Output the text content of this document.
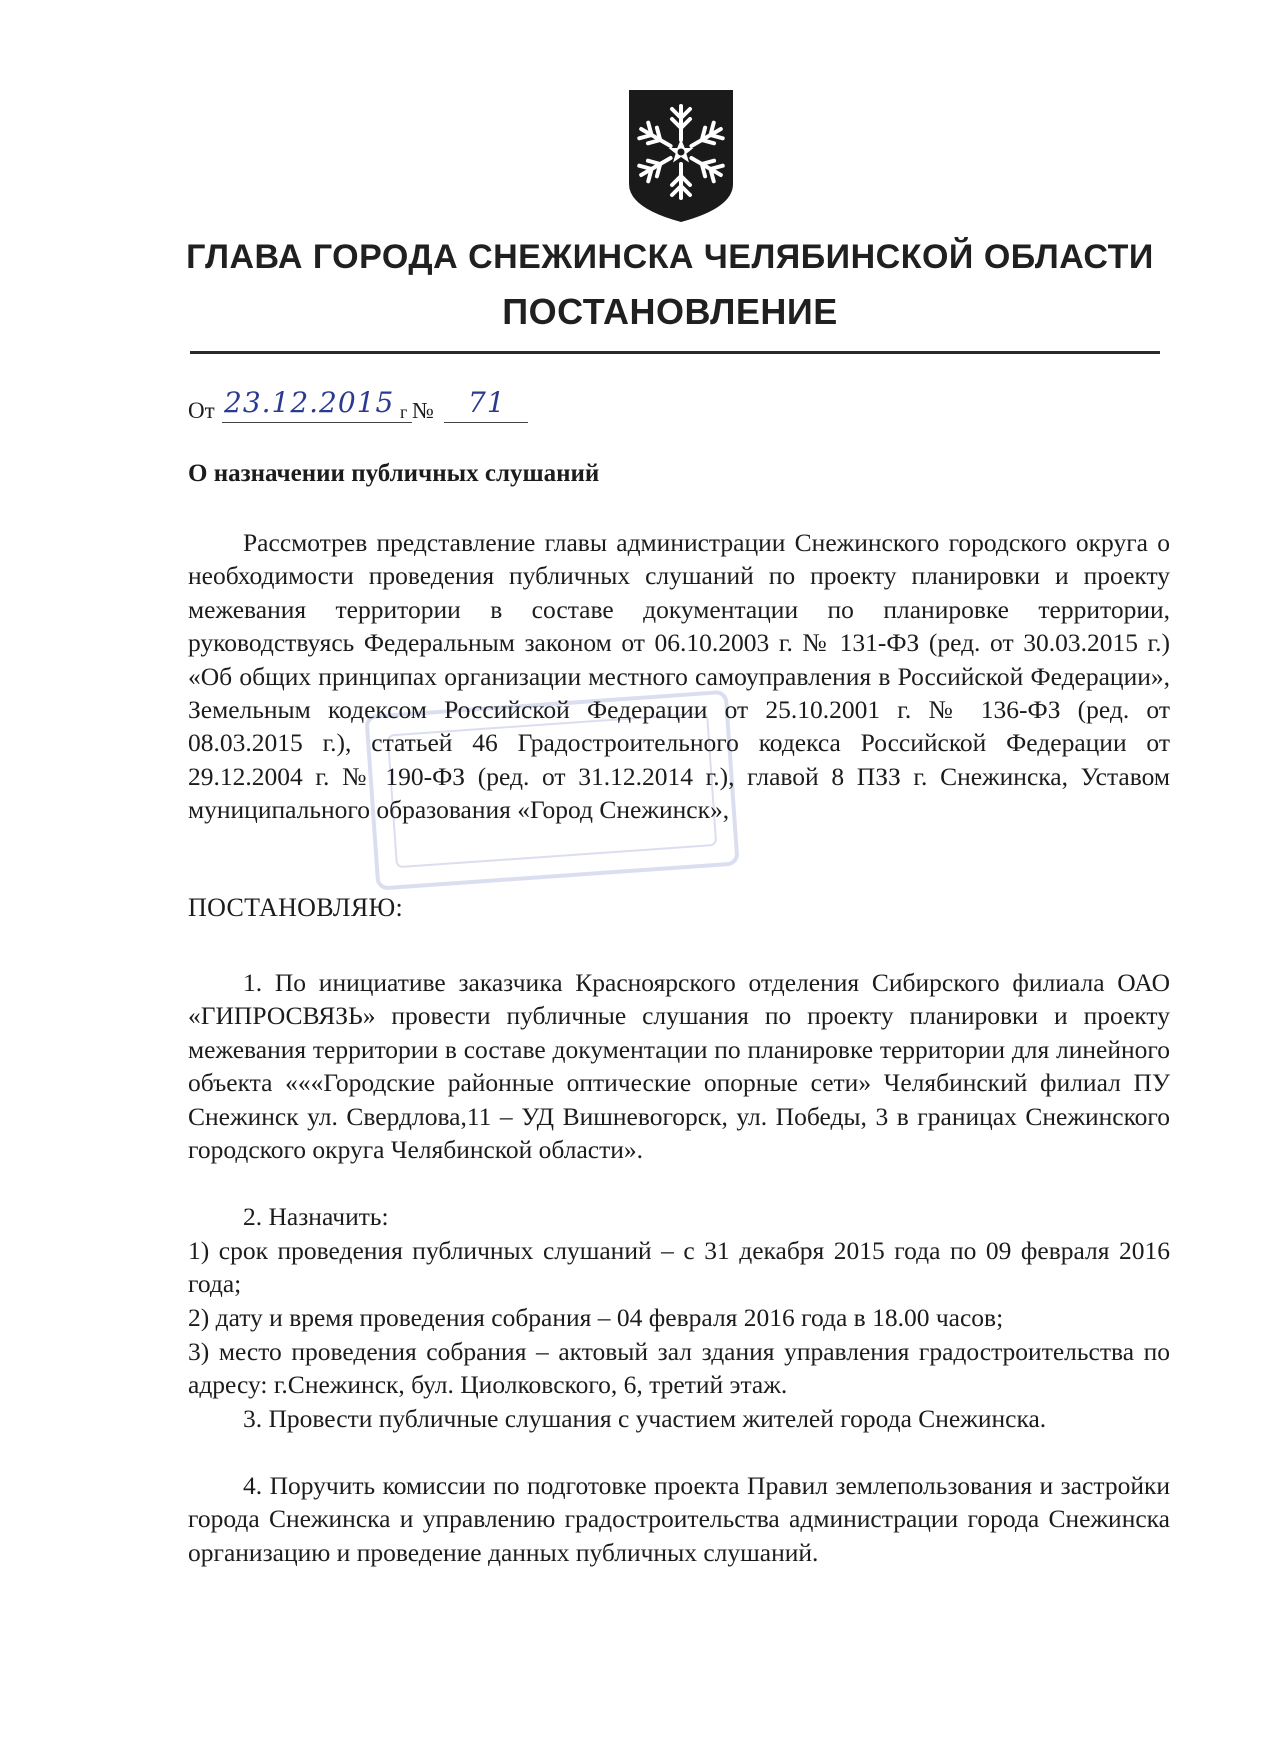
ГЛАВА ГОРОДА СНЕЖИНСКА ЧЕЛЯБИНСКОЙ ОБЛАСТИ
ПОСТАНОВЛЕНИЕ
От 23.12.2015 г № 71
О назначении публичных слушаний
Рассмотрев представление главы администрации Снежинского городского округа о необходимости проведения публичных слушаний по проекту планировки и проекту межевания территории в составе документации по планировке территории, руководствуясь Федеральным законом от 06.10.2003 г. № 131-ФЗ (ред. от 30.03.2015 г.) «Об общих принципах организации местного самоуправления в Российской Федерации», Земельным кодексом Российской Федерации от 25.10.2001 г. № 136-ФЗ (ред. от 08.03.2015 г.), статьей 46 Градостроительного кодекса Российской Федерации от 29.12.2004 г. № 190-ФЗ (ред. от 31.12.2014 г.), главой 8 ПЗЗ г. Снежинска, Уставом муниципального образования «Город Снежинск»,
ПОСТАНОВЛЯЮ:
1. По инициативе заказчика Красноярского отделения Сибирского филиала ОАО «ГИПРОСВЯЗЬ» провести публичные слушания по проекту планировки и проекту межевания территории в составе документации по планировке территории для линейного объекта «««Городские районные оптические опорные сети» Челябинский филиал ПУ Снежинск ул. Свердлова,11 – УД Вишневогорск, ул. Победы, 3 в границах Снежинского городского округа Челябинской области».
2. Назначить:
1) срок проведения публичных слушаний – с 31 декабря 2015 года по 09 февраля 2016 года;
2) дату и время проведения собрания – 04 февраля 2016 года в 18.00 часов;
3) место проведения собрания – актовый зал здания управления градостроительства по адресу: г.Снежинск, бул. Циолковского, 6, третий этаж.
3. Провести публичные слушания с участием жителей города Снежинска.
4. Поручить комиссии по подготовке проекта Правил землепользования и застройки города Снежинска и управлению градостроительства администрации города Снежинска организацию и проведение данных публичных слушаний.
